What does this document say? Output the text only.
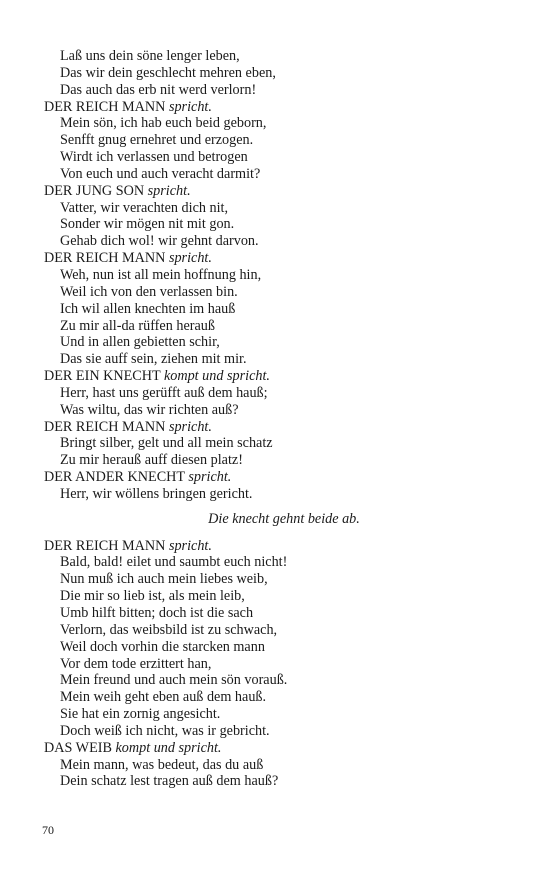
Laß uns dein söne lenger leben,
Das wir dein geschlecht mehren eben,
Das auch das erb nit werd verlorn!
DER REICH MANN spricht.
Mein sön, ich hab euch beid geborn,
Senfft gnug ernehret und erzogen.
Wirdt ich verlassen und betrogen
Von euch und auch veracht darmit?
DER JUNG SON spricht.
Vatter, wir verachten dich nit,
Sonder wir mögen nit mit gon.
Gehab dich wol! wir gehnt darvon.
DER REICH MANN spricht.
Weh, nun ist all mein hoffnung hin,
Weil ich von den verlassen bin.
Ich wil allen knechten im hauß
Zu mir all-da rüffen herauß
Und in allen gebietten schir,
Das sie auff sein, ziehen mit mir.
DER EIN KNECHT kompt und spricht.
Herr, hast uns gerüfft auß dem hauß;
Was wiltu, das wir richten auß?
DER REICH MANN spricht.
Bringt silber, gelt und all mein schatz
Zu mir herauß auff diesen platz!
DER ANDER KNECHT spricht.
Herr, wir wöllens bringen gericht.
Die knecht gehnt beide ab.
DER REICH MANN spricht.
Bald, bald! eilet und saumbt euch nicht!
Nun muß ich auch mein liebes weib,
Die mir so lieb ist, als mein leib,
Umb hilft bitten; doch ist die sach
Verlorn, das weibsbild ist zu schwach,
Weil doch vorhin die starcken mann
Vor dem tode erzittert han,
Mein freund und auch mein sön vorauß.
Mein weih geht eben auß dem hauß.
Sie hat ein zornig angesicht.
Doch weiß ich nicht, was ir gebricht.
DAS WEIB kompt und spricht.
Mein mann, was bedeut, das du auß
Dein schatz lest tragen auß dem hauß?
70
